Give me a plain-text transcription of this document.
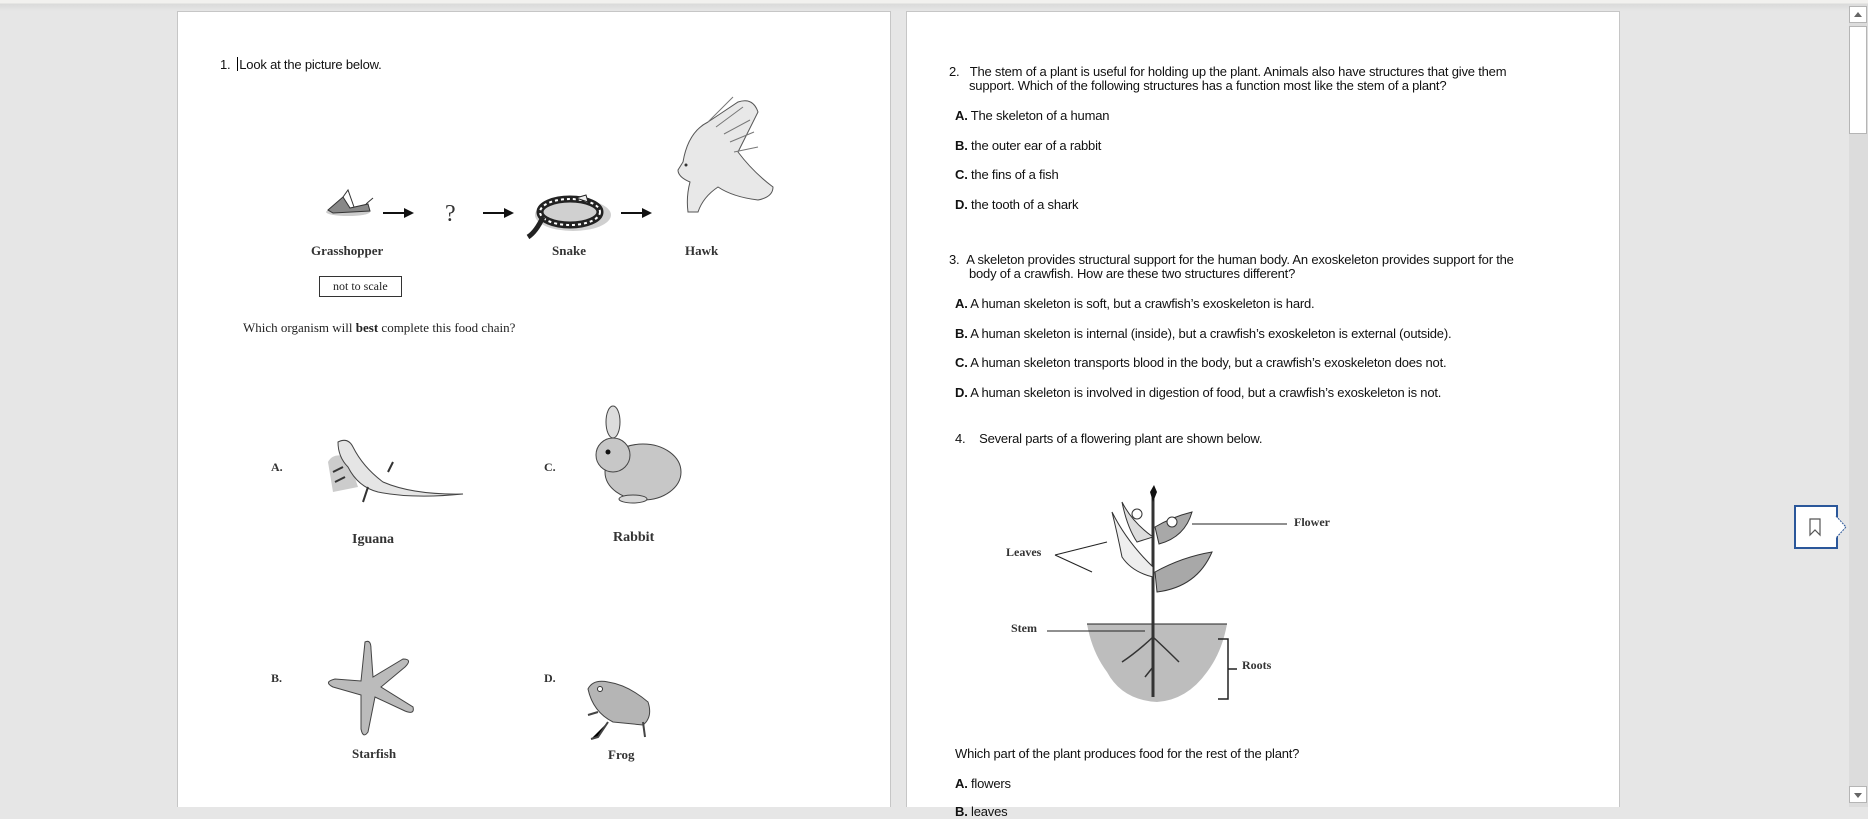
1. Look at the picture below.
?
Grasshopper	Snake	Hawk
not to scale
Which organism will best complete this food chain?
A.
Iguana
C.
Rabbit
B.
Starfish
D.
Frog
2. The stem of a plant is useful for holding up the plant. Animals also have structures that give them
support. Which of the following structures has a function most like the stem of a plant?
A. The skeleton of a human
B. the outer ear of a rabbit
C. the fins of a fish
D. the tooth of a shark
3. A skeleton provides structural support for the human body. An exoskeleton provides support for the
body of a crawfish. How are these two structures different?
A. A human skeleton is soft, but a crawfish’s exoskeleton is hard.
B. A human skeleton is internal (inside), but a crawfish’s exoskeleton is external (outside).
C. A human skeleton transports blood in the body, but a crawfish’s exoskeleton does not.
D. A human skeleton is involved in digestion of food, but a crawfish’s exoskeleton is not.
4. Several parts of a flowering plant are shown below.
Flower
Leaves
Stem
Roots
Which part of the plant produces food for the rest of the plant?
A. flowers
B. leaves
